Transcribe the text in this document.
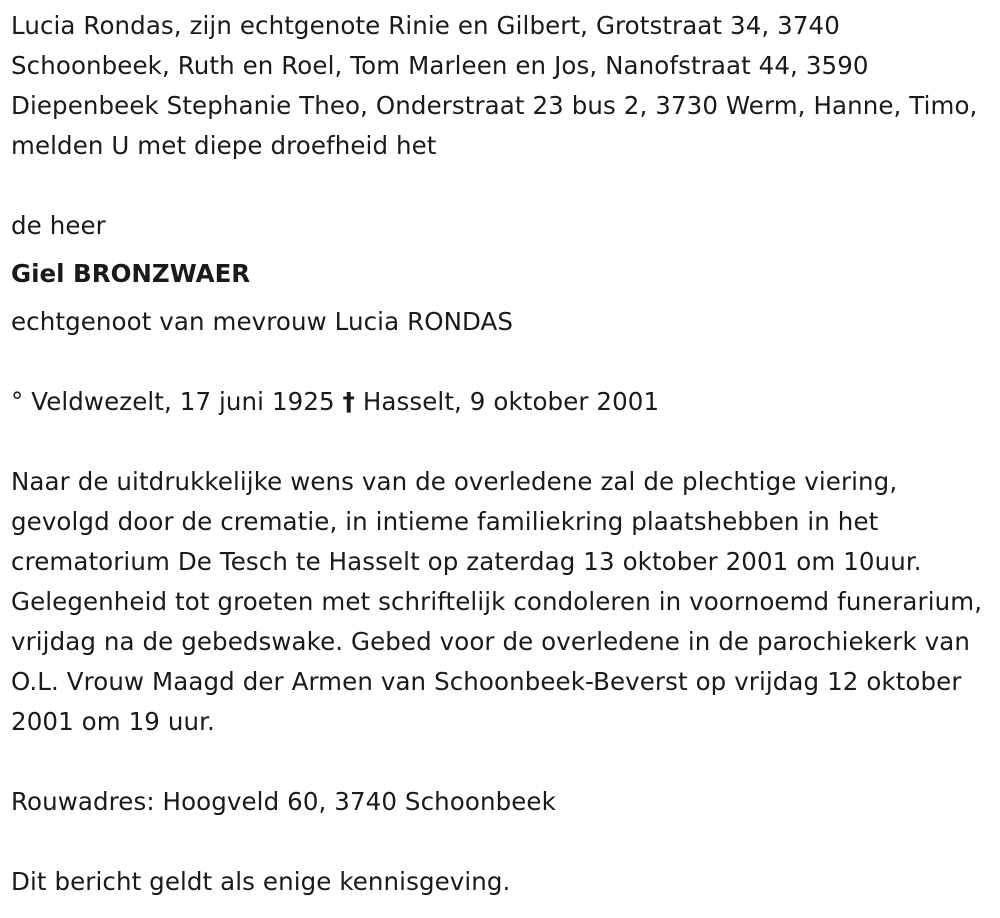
Lucia Rondas, zijn echtgenote Rinie en Gilbert, Grotstraat 34, 3740 Schoonbeek, Ruth en Roel, Tom Marleen en Jos, Nanofstraat 44, 3590 Diepenbeek Stephanie Theo, Onderstraat 23 bus 2, 3730 Werm, Hanne, Timo, melden U met diepe droefheid het

de heer

Giel BRONZWAER

echtgenoot van mevrouw Lucia RONDAS

° Veldwezelt, 17 juni 1925 † Hasselt, 9 oktober 2001

Naar de uitdrukkelijke wens van de overledene zal de plechtige viering, gevolgd door de crematie, in intieme familiekring plaatshebben in het crematorium De Tesch te Hasselt op zaterdag 13 oktober 2001 om 10uur. Gelegenheid tot groeten met schriftelijk condoleren in voornoemd funerarium, vrijdag na de gebedswake. Gebed voor de overledene in de parochiekerk van O.L. Vrouw Maagd der Armen van Schoonbeek-Beverst op vrijdag 12 oktober 2001 om 19 uur.

Rouwadres: Hoogveld 60, 3740 Schoonbeek

Dit bericht geldt als enige kennisgeving.
